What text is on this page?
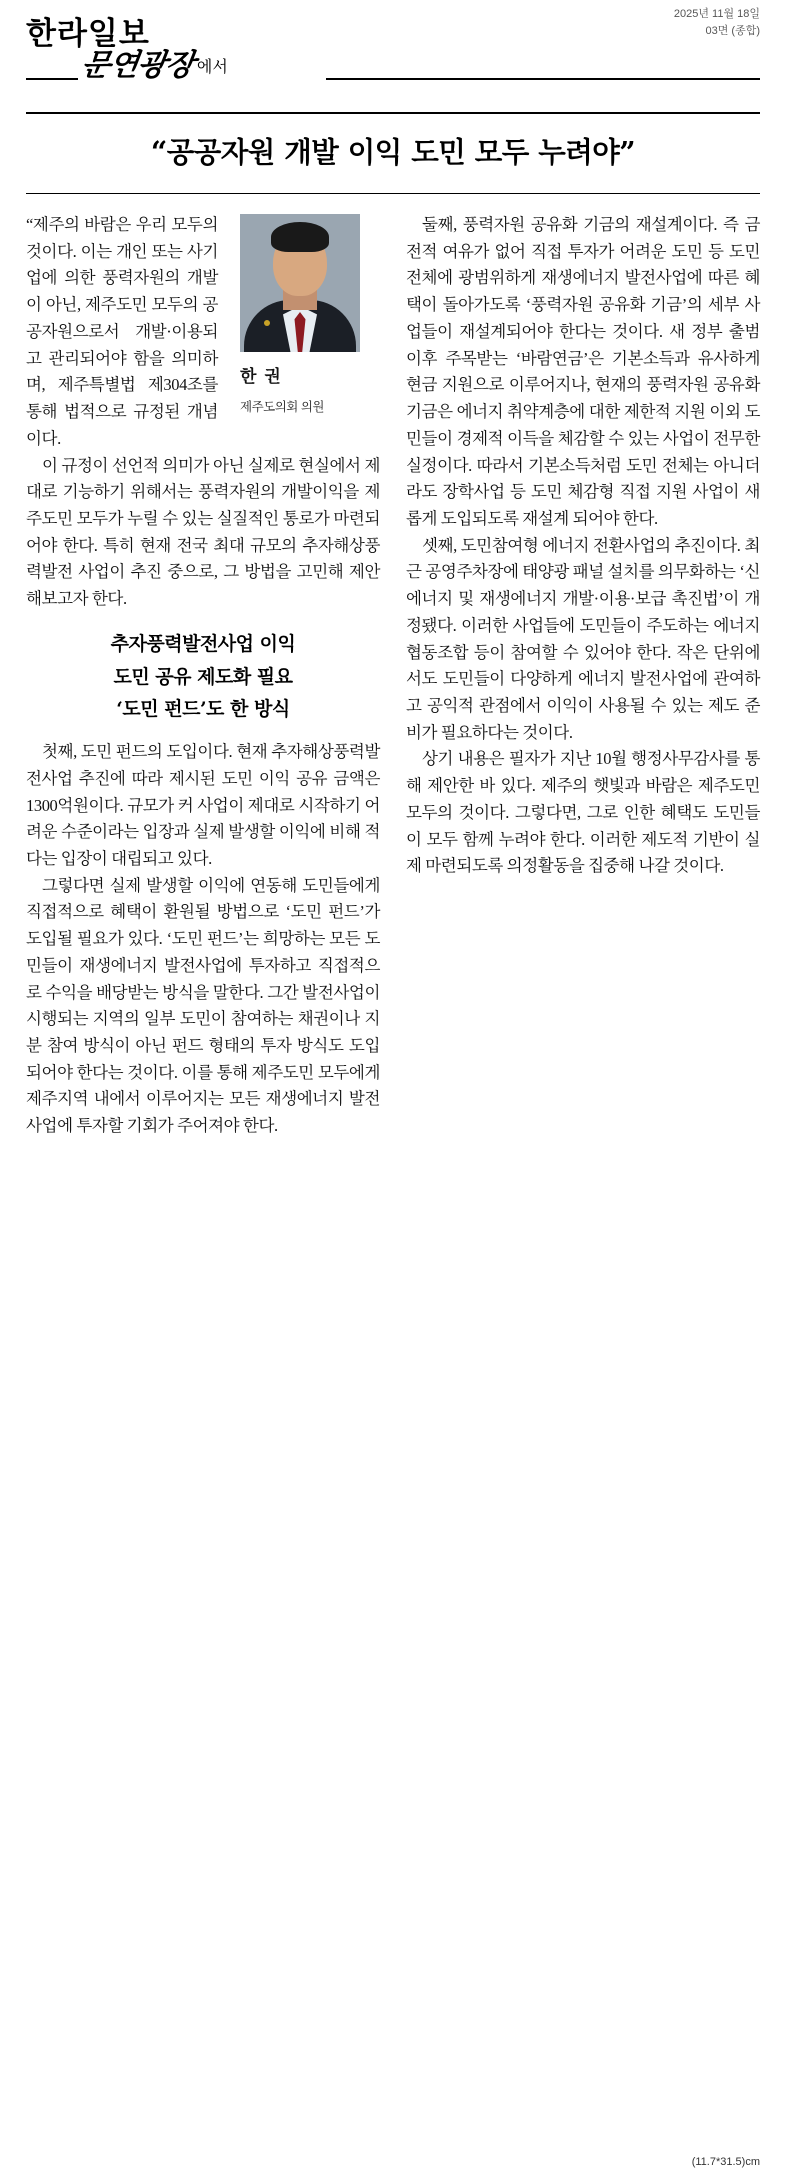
한라일보
2025년 11월 18일
03면 (종합)
문연광장에서
“공공자원 개발 이익 도민 모두 누려야”
한 권
제주도의회 의원

“제주의 바람은 우리 모두의 것이다. 이는 개인 또는 사기업에 의한 풍력자원의 개발이 아닌, 제주도민 모두의 공공자원으로서 개발·이용되고 관리되어야 함을 의미하며, 제주특별법 제304조를 통해 법적으로 규정된 개념이다.

이 규정이 선언적 의미가 아닌 실제로 현실에서 제대로 기능하기 위해서는 풍력자원의 개발이익을 제주도민 모두가 누릴 수 있는 실질적인 통로가 마련되어야 한다. 특히 현재 전국 최대 규모의 추자해상풍력발전 사업이 추진 중으로, 그 방법을 고민해 제안해보고자 한다.

추자풍력발전사업 이익
도민 공유 제도화 필요
‘도민 펀드’도 한 방식

첫째, 도민 펀드의 도입이다. 현재 추자해상풍력발전사업 추진에 따라 제시된 도민 이익 공유 금액은 1300억원이다. 규모가 커 사업이 제대로 시작하기 어려운 수준이라는 입장과 실제 발생할 이익에 비해 적다는 입장이 대립되고 있다.

그렇다면 실제 발생할 이익에 연동해 도민들에게 직접적으로 혜택이 환원될 방법으로 ‘도민 펀드’가 도입될 필요가 있다. ‘도민 펀드’는 희망하는 모든 도민들이 재생에너지 발전사업에 투자하고 직접적으로 수익을 배당받는 방식을 말한다. 그간 발전사업이 시행되는 지역의 일부 도민이 참여하는 채권이나 지분 참여 방식이 아닌 펀드 형태의 투자 방식도 도입되어야 한다는 것이다. 이를 통해 제주도민 모두에게 제주지역 내에서 이루어지는 모든 재생에너지 발전사업에 투자할 기회가 주어져야 한다.

둘째, 풍력자원 공유화 기금의 재설계이다. 즉 금전적 여유가 없어 직접 투자가 어려운 도민 등 도민 전체에 광범위하게 재생에너지 발전사업에 따른 혜택이 돌아가도록 ‘풍력자원 공유화 기금’의 세부 사업들이 재설계되어야 한다는 것이다. 새 정부 출범 이후 주목받는 ‘바람연금’은 기본소득과 유사하게 현금 지원으로 이루어지나, 현재의 풍력자원 공유화 기금은 에너지 취약계층에 대한 제한적 지원 이외 도민들이 경제적 이득을 체감할 수 있는 사업이 전무한 실정이다. 따라서 기본소득처럼 도민 전체는 아니더라도 장학사업 등 도민 체감형 직접 지원 사업이 새롭게 도입되도록 재설계 되어야 한다.

셋째, 도민참여형 에너지 전환사업의 추진이다. 최근 공영주차장에 태양광 패널 설치를 의무화하는 ‘신에너지 및 재생에너지 개발·이용·보급 촉진법’이 개정됐다. 이러한 사업들에 도민들이 주도하는 에너지협동조합 등이 참여할 수 있어야 한다. 작은 단위에서도 도민들이 다양하게 에너지 발전사업에 관여하고 공익적 관점에서 이익이 사용될 수 있는 제도 준비가 필요하다는 것이다.

상기 내용은 필자가 지난 10월 행정사무감사를 통해 제안한 바 있다. 제주의 햇빛과 바람은 제주도민 모두의 것이다. 그렇다면, 그로 인한 혜택도 도민들이 모두 함께 누려야 한다. 이러한 제도적 기반이 실제 마련되도록 의정활동을 집중해 나갈 것이다.

(11.7*31.5)cm
